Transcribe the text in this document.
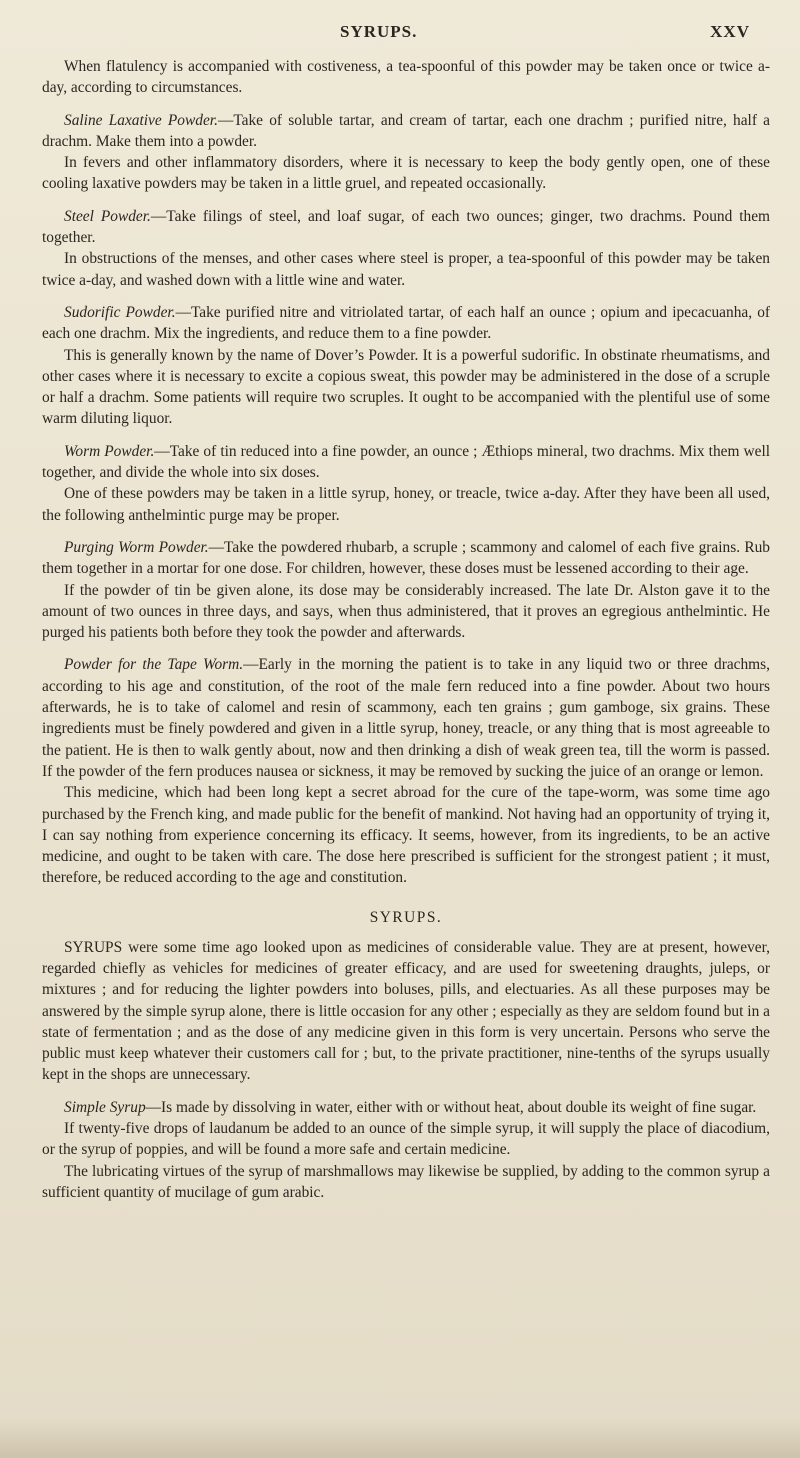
SYRUPS.	XXV

When flatulency is accompanied with costiveness, a tea-spoonful of this powder may be taken once or twice a-day, according to circumstances.

Saline Laxative Powder.—Take of soluble tartar, and cream of tartar, each one drachm ; purified nitre, half a drachm. Make them into a powder.

In fevers and other inflammatory disorders, where it is necessary to keep the body gently open, one of these cooling laxative powders may be taken in a little gruel, and repeated occasionally.

Steel Powder.—Take filings of steel, and loaf sugar, of each two ounces; ginger, two drachms. Pound them together.

In obstructions of the menses, and other cases where steel is proper, a tea-spoonful of this powder may be taken twice a-day, and washed down with a little wine and water.

Sudorific Powder.—Take purified nitre and vitriolated tartar, of each half an ounce ; opium and ipecacuanha, of each one drachm. Mix the ingredients, and reduce them to a fine powder.

This is generally known by the name of Dover’s Powder. It is a powerful sudorific. In obstinate rheumatisms, and other cases where it is necessary to excite a copious sweat, this powder may be administered in the dose of a scruple or half a drachm. Some patients will require two scruples. It ought to be accompanied with the plentiful use of some warm diluting liquor.

Worm Powder.—Take of tin reduced into a fine powder, an ounce ; Æthiops mineral, two drachms. Mix them well together, and divide the whole into six doses.

One of these powders may be taken in a little syrup, honey, or treacle, twice a-day. After they have been all used, the following anthelmintic purge may be proper.

Purging Worm Powder.—Take the powdered rhubarb, a scruple ; scammony and calomel of each five grains. Rub them together in a mortar for one dose. For children, however, these doses must be lessened according to their age.

If the powder of tin be given alone, its dose may be considerably increased. The late Dr. Alston gave it to the amount of two ounces in three days, and says, when thus administered, that it proves an egregious anthelmintic. He purged his patients both before they took the powder and afterwards.

Powder for the Tape Worm.—Early in the morning the patient is to take in any liquid two or three drachms, according to his age and constitution, of the root of the male fern reduced into a fine powder. About two hours afterwards, he is to take of calomel and resin of scammony, each ten grains ; gum gamboge, six grains. These ingredients must be finely powdered and given in a little syrup, honey, treacle, or any thing that is most agreeable to the patient. He is then to walk gently about, now and then drinking a dish of weak green tea, till the worm is passed. If the powder of the fern produces nausea or sickness, it may be removed by sucking the juice of an orange or lemon.

This medicine, which had been long kept a secret abroad for the cure of the tape-worm, was some time ago purchased by the French king, and made public for the benefit of mankind. Not having had an opportunity of trying it, I can say nothing from experience concerning its efficacy. It seems, however, from its ingredients, to be an active medicine, and ought to be taken with care. The dose here prescribed is sufficient for the strongest patient ; it must, therefore, be reduced according to the age and constitution.

SYRUPS.

SYRUPS were some time ago looked upon as medicines of considerable value. They are at present, however, regarded chiefly as vehicles for medicines of greater efficacy, and are used for sweetening draughts, juleps, or mixtures ; and for reducing the lighter powders into boluses, pills, and electuaries. As all these purposes may be answered by the simple syrup alone, there is little occasion for any other ; especially as they are seldom found but in a state of fermentation ; and as the dose of any medicine given in this form is very uncertain. Persons who serve the public must keep whatever their customers call for ; but, to the private practitioner, nine-tenths of the syrups usually kept in the shops are unnecessary.

Simple Syrup—Is made by dissolving in water, either with or without heat, about double its weight of fine sugar.

If twenty-five drops of laudanum be added to an ounce of the simple syrup, it will supply the place of diacodium, or the syrup of poppies, and will be found a more safe and certain medicine.

The lubricating virtues of the syrup of marshmallows may likewise be supplied, by adding to the common syrup a sufficient quantity of mucilage of gum arabic.
